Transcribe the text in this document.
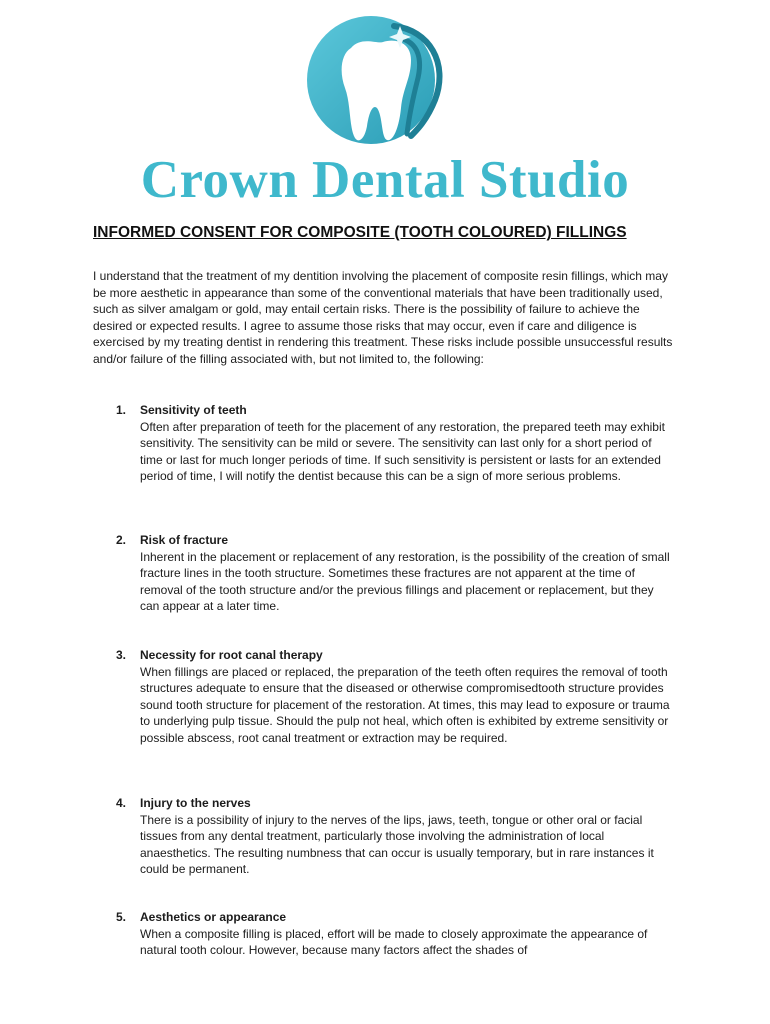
Crown Dental Studio
INFORMED CONSENT FOR COMPOSITE (TOOTH COLOURED) FILLINGS
I understand that the treatment of my dentition involving the placement of composite resin fillings, which may be more aesthetic in appearance than some of the conventional materials that have been traditionally used, such as silver amalgam or gold, may entail certain risks. There is the possibility of failure to achieve the desired or expected results. I agree to assume those risks that may occur, even if care and diligence is exercised by my treating dentist in rendering this treatment. These risks include possible unsuccessful results and/or failure of the filling associated with, but not limited to, the following:
1. Sensitivity of teeth
Often after preparation of teeth for the placement of any restoration, the prepared teeth may exhibit sensitivity. The sensitivity can be mild or severe. The sensitivity can last only for a short period of time or last for much longer periods of time. If such sensitivity is persistent or lasts for an extended period of time, I will notify the dentist because this can be a sign of more serious problems.
2. Risk of fracture
Inherent in the placement or replacement of any restoration, is the possibility of the creation of small fracture lines in the tooth structure. Sometimes these fractures are not apparent at the time of removal of the tooth structure and/or the previous fillings and placement or replacement, but they can appear at a later time.
3. Necessity for root canal therapy
When fillings are placed or replaced, the preparation of the teeth often requires the removal of tooth structures adequate to ensure that the diseased or otherwise compromisedtooth structure provides sound tooth structure for placement of the restoration. At times, this may lead to exposure or trauma to underlying pulp tissue. Should the pulp not heal, which often is exhibited by extreme sensitivity or possible abscess, root canal treatment or extraction may be required.
4. Injury to the nerves
There is a possibility of injury to the nerves of the lips, jaws, teeth, tongue or other oral or facial tissues from any dental treatment, particularly those involving the administration of local anaesthetics. The resulting numbness that can occur is usually temporary, but in rare instances it could be permanent.
5. Aesthetics or appearance
When a composite filling is placed, effort will be made to closely approximate the appearance of natural tooth colour. However, because many factors affect the shades of
